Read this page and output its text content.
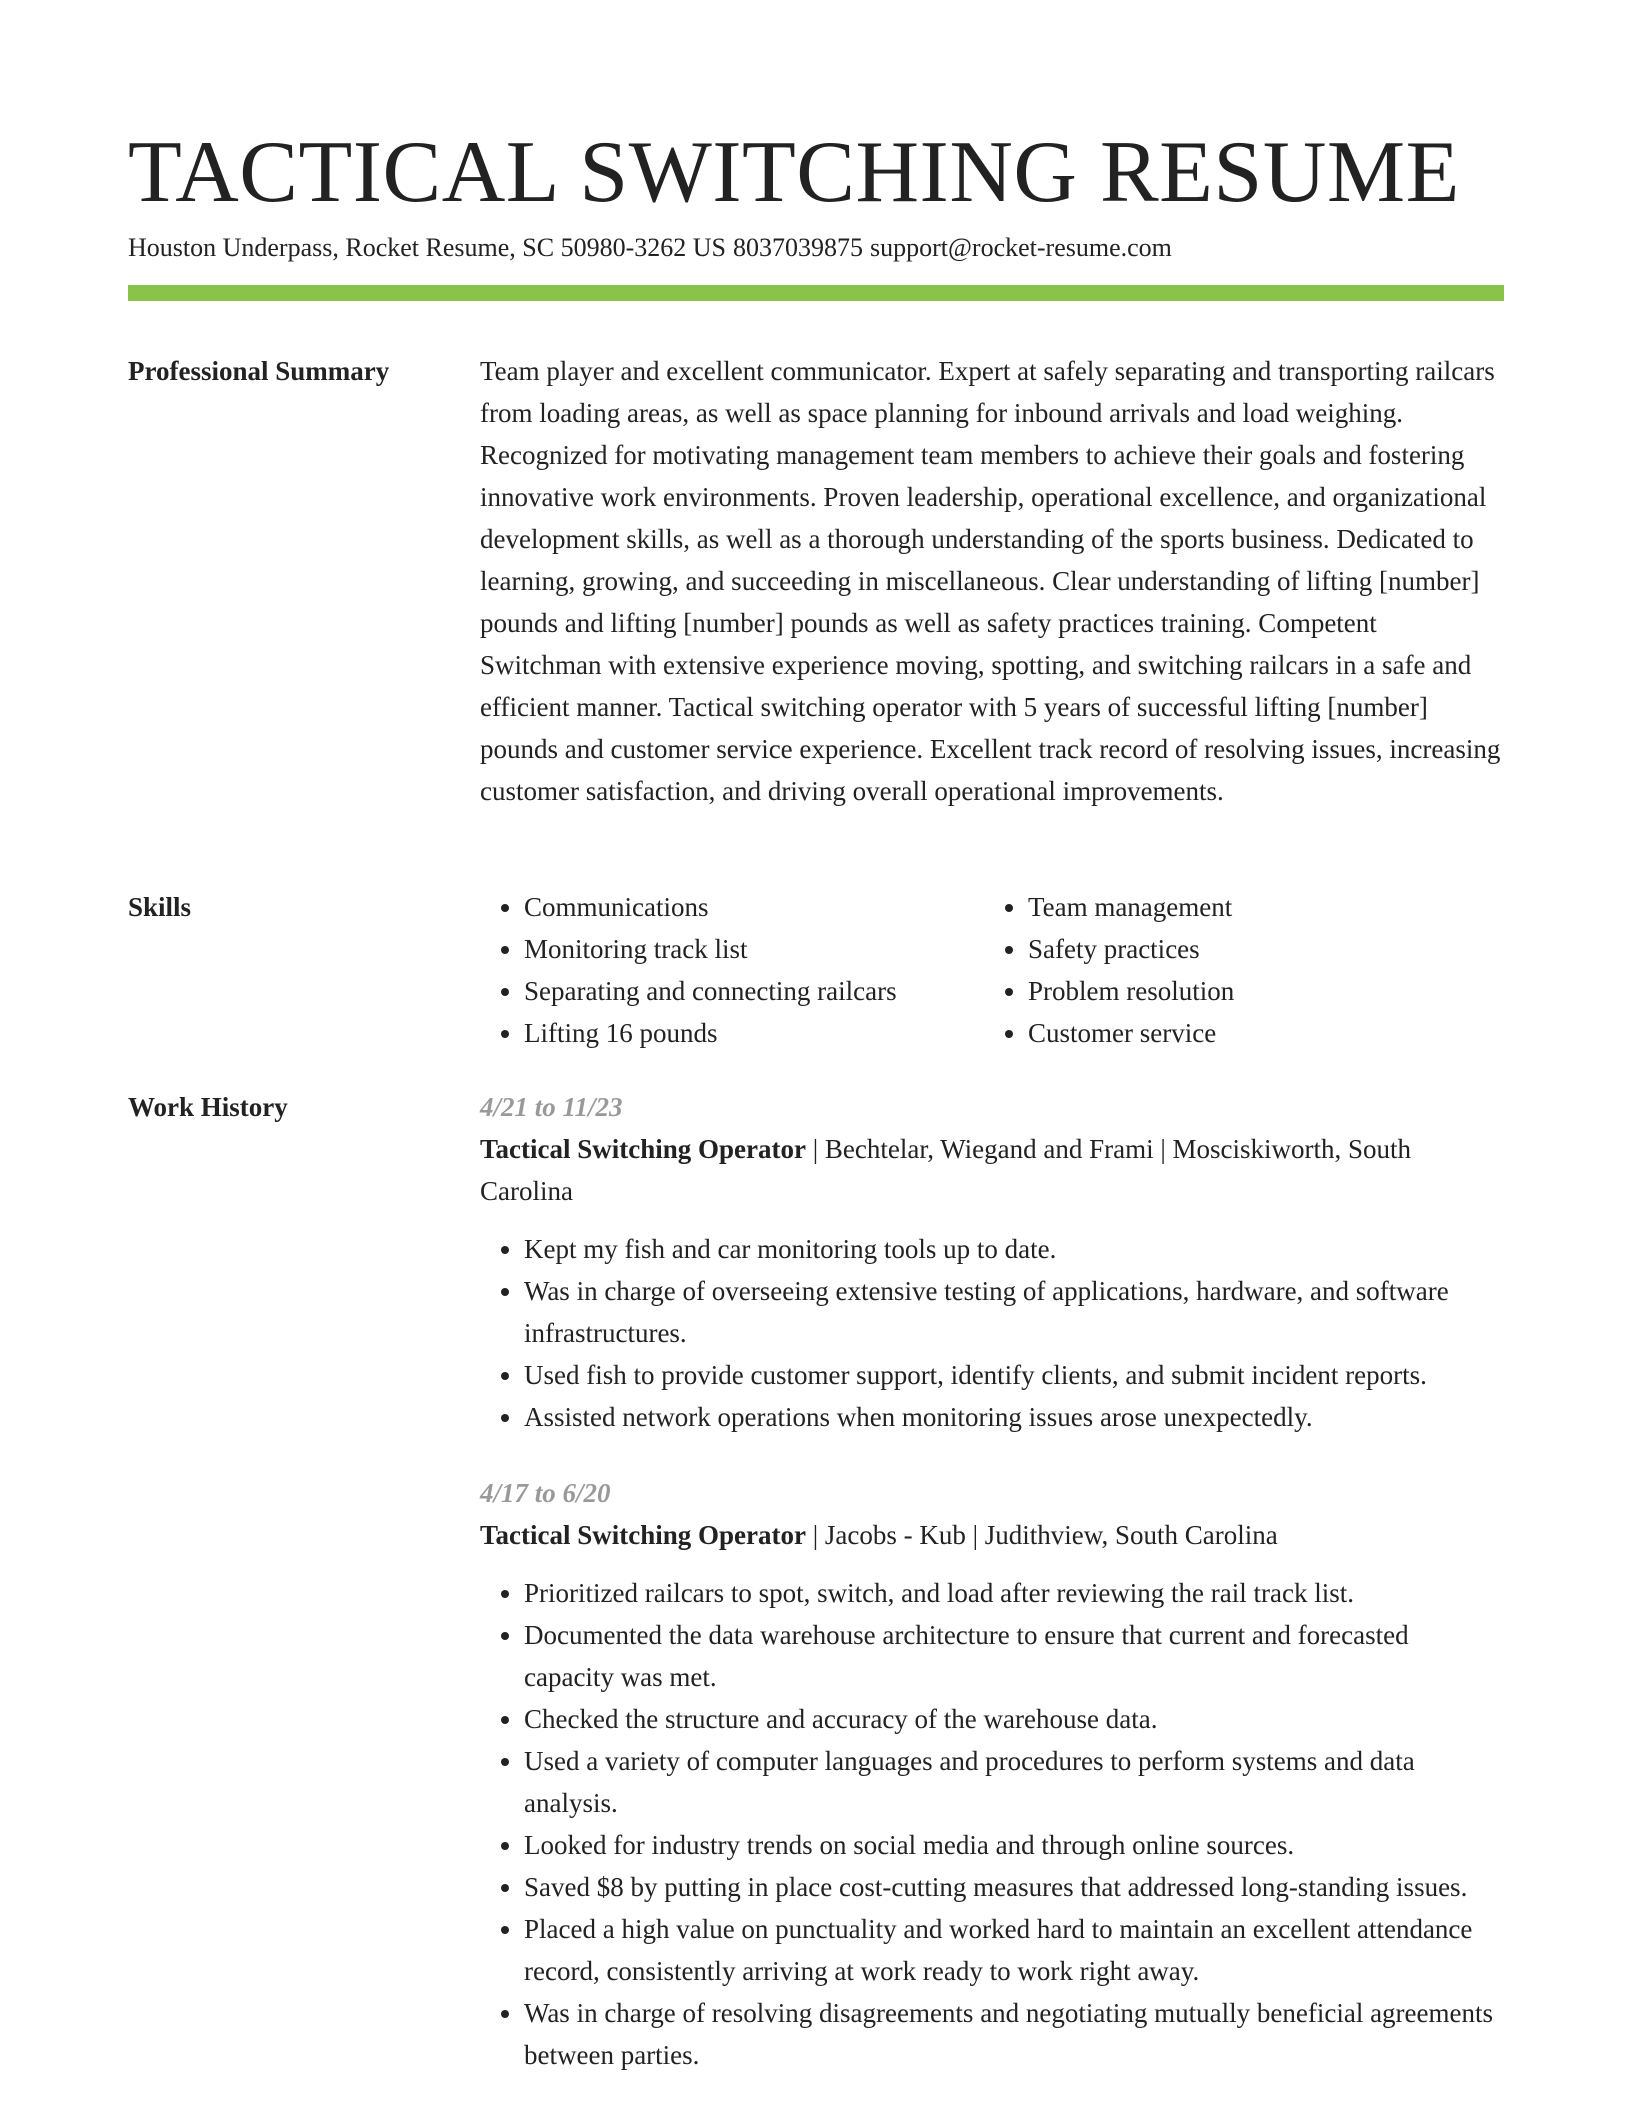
TACTICAL SWITCHING RESUME
Houston Underpass, Rocket Resume, SC 50980-3262 US 8037039875 support@rocket-resume.com
Professional Summary	Team player and excellent communicator. Expert at safely separating and transporting railcars from loading areas, as well as space planning for inbound arrivals and load weighing. Recognized for motivating management team members to achieve their goals and fostering innovative work environments. Proven leadership, operational excellence, and organizational development skills, as well as a thorough understanding of the sports business. Dedicated to learning, growing, and succeeding in miscellaneous. Clear understanding of lifting [number] pounds and lifting [number] pounds as well as safety practices training. Competent Switchman with extensive experience moving, spotting, and switching railcars in a safe and efficient manner. Tactical switching operator with 5 years of successful lifting [number] pounds and customer service experience. Excellent track record of resolving issues, increasing customer satisfaction, and driving overall operational improvements.

Skills
•	Communications
• Monitoring track list
• Separating and connecting railcars
• Lifting 16 pounds
• Team management
• Safety practices
• Problem resolution
• Customer service
Work History	4/21 to 11/23

Tactical Switching Operator | Bechtelar, Wiegand and Frami | Mosciskiworth, South Carolina

• Kept my fish and car monitoring tools up to date.
• Was in charge of overseeing extensive testing of applications, hardware, and software infrastructures.
• Used fish to provide customer support, identify clients, and submit incident reports.
• Assisted network operations when monitoring issues arose unexpectedly.
4/17 to 6/20

Tactical Switching Operator | Jacobs - Kub | Judithview, South Carolina

• Prioritized railcars to spot, switch, and load after reviewing the rail track list.
• Documented the data warehouse architecture to ensure that current and forecasted capacity was met.
• Checked the structure and accuracy of the warehouse data.
• Used a variety of computer languages and procedures to perform systems and data analysis.
• Looked for industry trends on social media and through online sources.
• Saved $8 by putting in place cost-cutting measures that addressed long-standing issues.
• Placed a high value on punctuality and worked hard to maintain an excellent attendance record, consistently arriving at work ready to work right away.
• Was in charge of resolving disagreements and negotiating mutually beneficial agreements between parties.
